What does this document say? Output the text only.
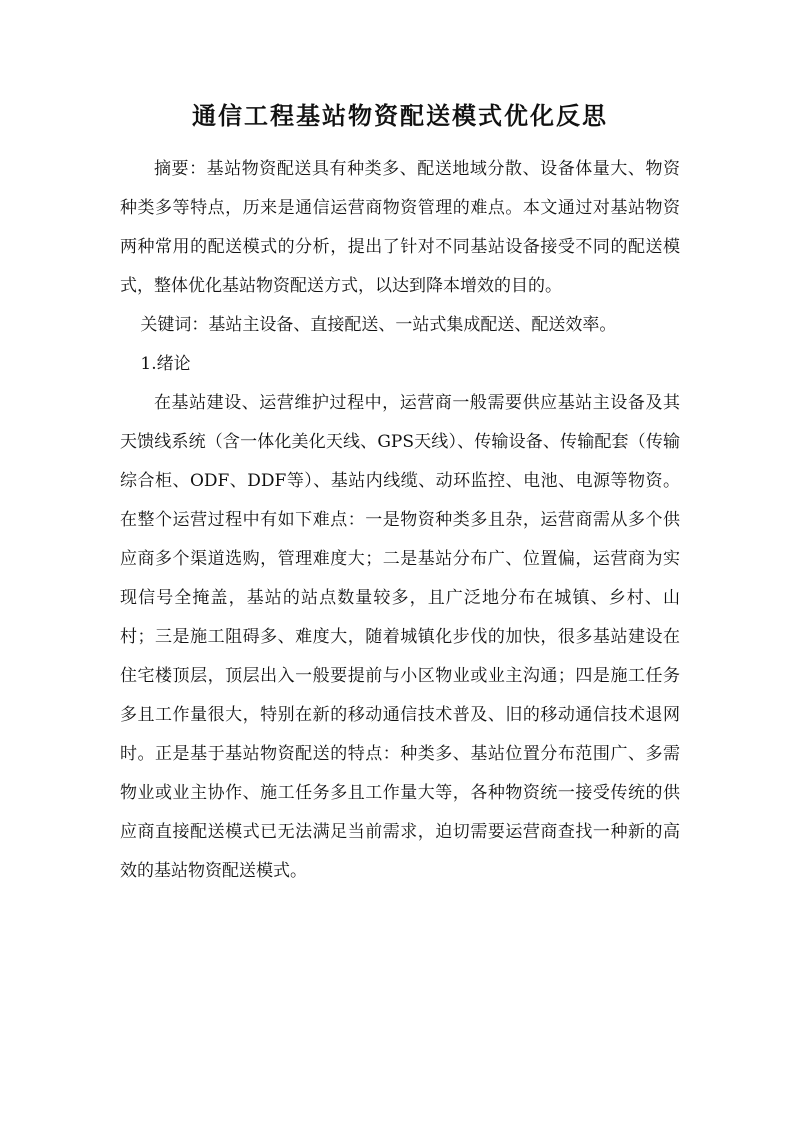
通信工程基站物资配送模式优化反思

摘要：基站物资配送具有种类多、配送地域分散、设备体量大、物资种类多等特点，历来是通信运营商物资管理的难点。本文通过对基站物资两种常用的配送模式的分析，提出了针对不同基站设备接受不同的配送模式，整体优化基站物资配送方式，以达到降本增效的目的。

关键词：基站主设备、直接配送、一站式集成配送、配送效率。

1.绪论

在基站建设、运营维护过程中，运营商一般需要供应基站主设备及其天馈线系统（含一体化美化天线、GPS天线）、传输设备、传输配套（传输综合柜、ODF、DDF等）、基站内线缆、动环监控、电池、电源等物资。在整个运营过程中有如下难点：一是物资种类多且杂，运营商需从多个供应商多个渠道选购，管理难度大；二是基站分布广、位置偏，运营商为实现信号全掩盖，基站的站点数量较多，且广泛地分布在城镇、乡村、山村；三是施工阻碍多、难度大，随着城镇化步伐的加快，很多基站建设在住宅楼顶层，顶层出入一般要提前与小区物业或业主沟通；四是施工任务多且工作量很大，特别在新的移动通信技术普及、旧的移动通信技术退网时。正是基于基站物资配送的特点：种类多、基站位置分布范围广、多需物业或业主协作、施工任务多且工作量大等，各种物资统一接受传统的供应商直接配送模式已无法满足当前需求，迫切需要运营商查找一种新的高效的基站物资配送模式。
